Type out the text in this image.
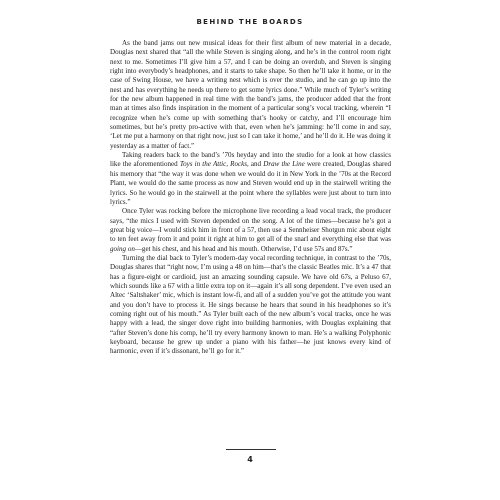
BEHIND THE BOARDS

As the band jams out new musical ideas for their first album of new material in a decade, Douglas next shared that “all the while Steven is singing along, and he’s in the control room right next to me. Sometimes I’ll give him a 57, and I can be doing an overdub, and Steven is singing right into everybody’s headphones, and it starts to take shape. So then he’ll take it home, or in the case of Swing House, we have a writing nest which is over the studio, and he can go up into the nest and has everything he needs up there to get some lyrics done.” While much of Tyler’s writing for the new album happened in real time with the band’s jams, the producer added that the front man at times also finds inspiration in the moment of a particular song’s vocal tracking, wherein “I recognize when he’s come up with something that’s hooky or catchy, and I’ll encourage him sometimes, but he’s pretty pro-active with that, even when he’s jamming: he’ll come in and say, ‘Let me put a harmony on that right now, just so I can take it home,’ and he’ll do it. He was doing it yesterday as a matter of fact.”

Taking readers back to the band’s ’70s heyday and into the studio for a look at how classics like the aforementioned Toys in the Attic, Rocks, and Draw the Line were created, Douglas shared his memory that “the way it was done when we would do it in New York in the ’70s at the Record Plant, we would do the same process as now and Steven would end up in the stairwell writing the lyrics. So he would go in the stairwell at the point where the syllables were just about to turn into lyrics.”

Once Tyler was rocking before the microphone live recording a lead vocal track, the producer says, “the mics I used with Steven depended on the song. A lot of the times—because he’s got a great big voice—I would stick him in front of a 57, then use a Sennheiser Shotgun mic about eight to ten feet away from it and point it right at him to get all of the snarl and everything else that was going on—get his chest, and his head and his mouth. Otherwise, I’d use 57s and 87s.”

Turning the dial back to Tyler’s modern-day vocal recording technique, in contrast to the ’70s, Douglas shares that “right now, I’m using a 48 on him—that’s the classic Beatles mic. It’s a 47 that has a figure-eight or cardioid, just an amazing sounding capsule. We have old 67s, a Peluso 67, which sounds like a 67 with a little extra top on it—again it’s all song dependent. I’ve even used an Altec ‘Saltshaker’ mic, which is instant low-fi, and all of a sudden you’ve got the attitude you want and you don’t have to process it. He sings because he hears that sound in his headphones so it’s coming right out of his mouth.” As Tyler built each of the new album’s vocal tracks, once he was happy with a lead, the singer dove right into building harmonies, with Douglas explaining that “after Steven’s done his comp, he’ll try every harmony known to man. He’s a walking Polyphonic keyboard, because he grew up under a piano with his father—he just knows every kind of harmonic, even if it’s dissonant, he’ll go for it.”

4
